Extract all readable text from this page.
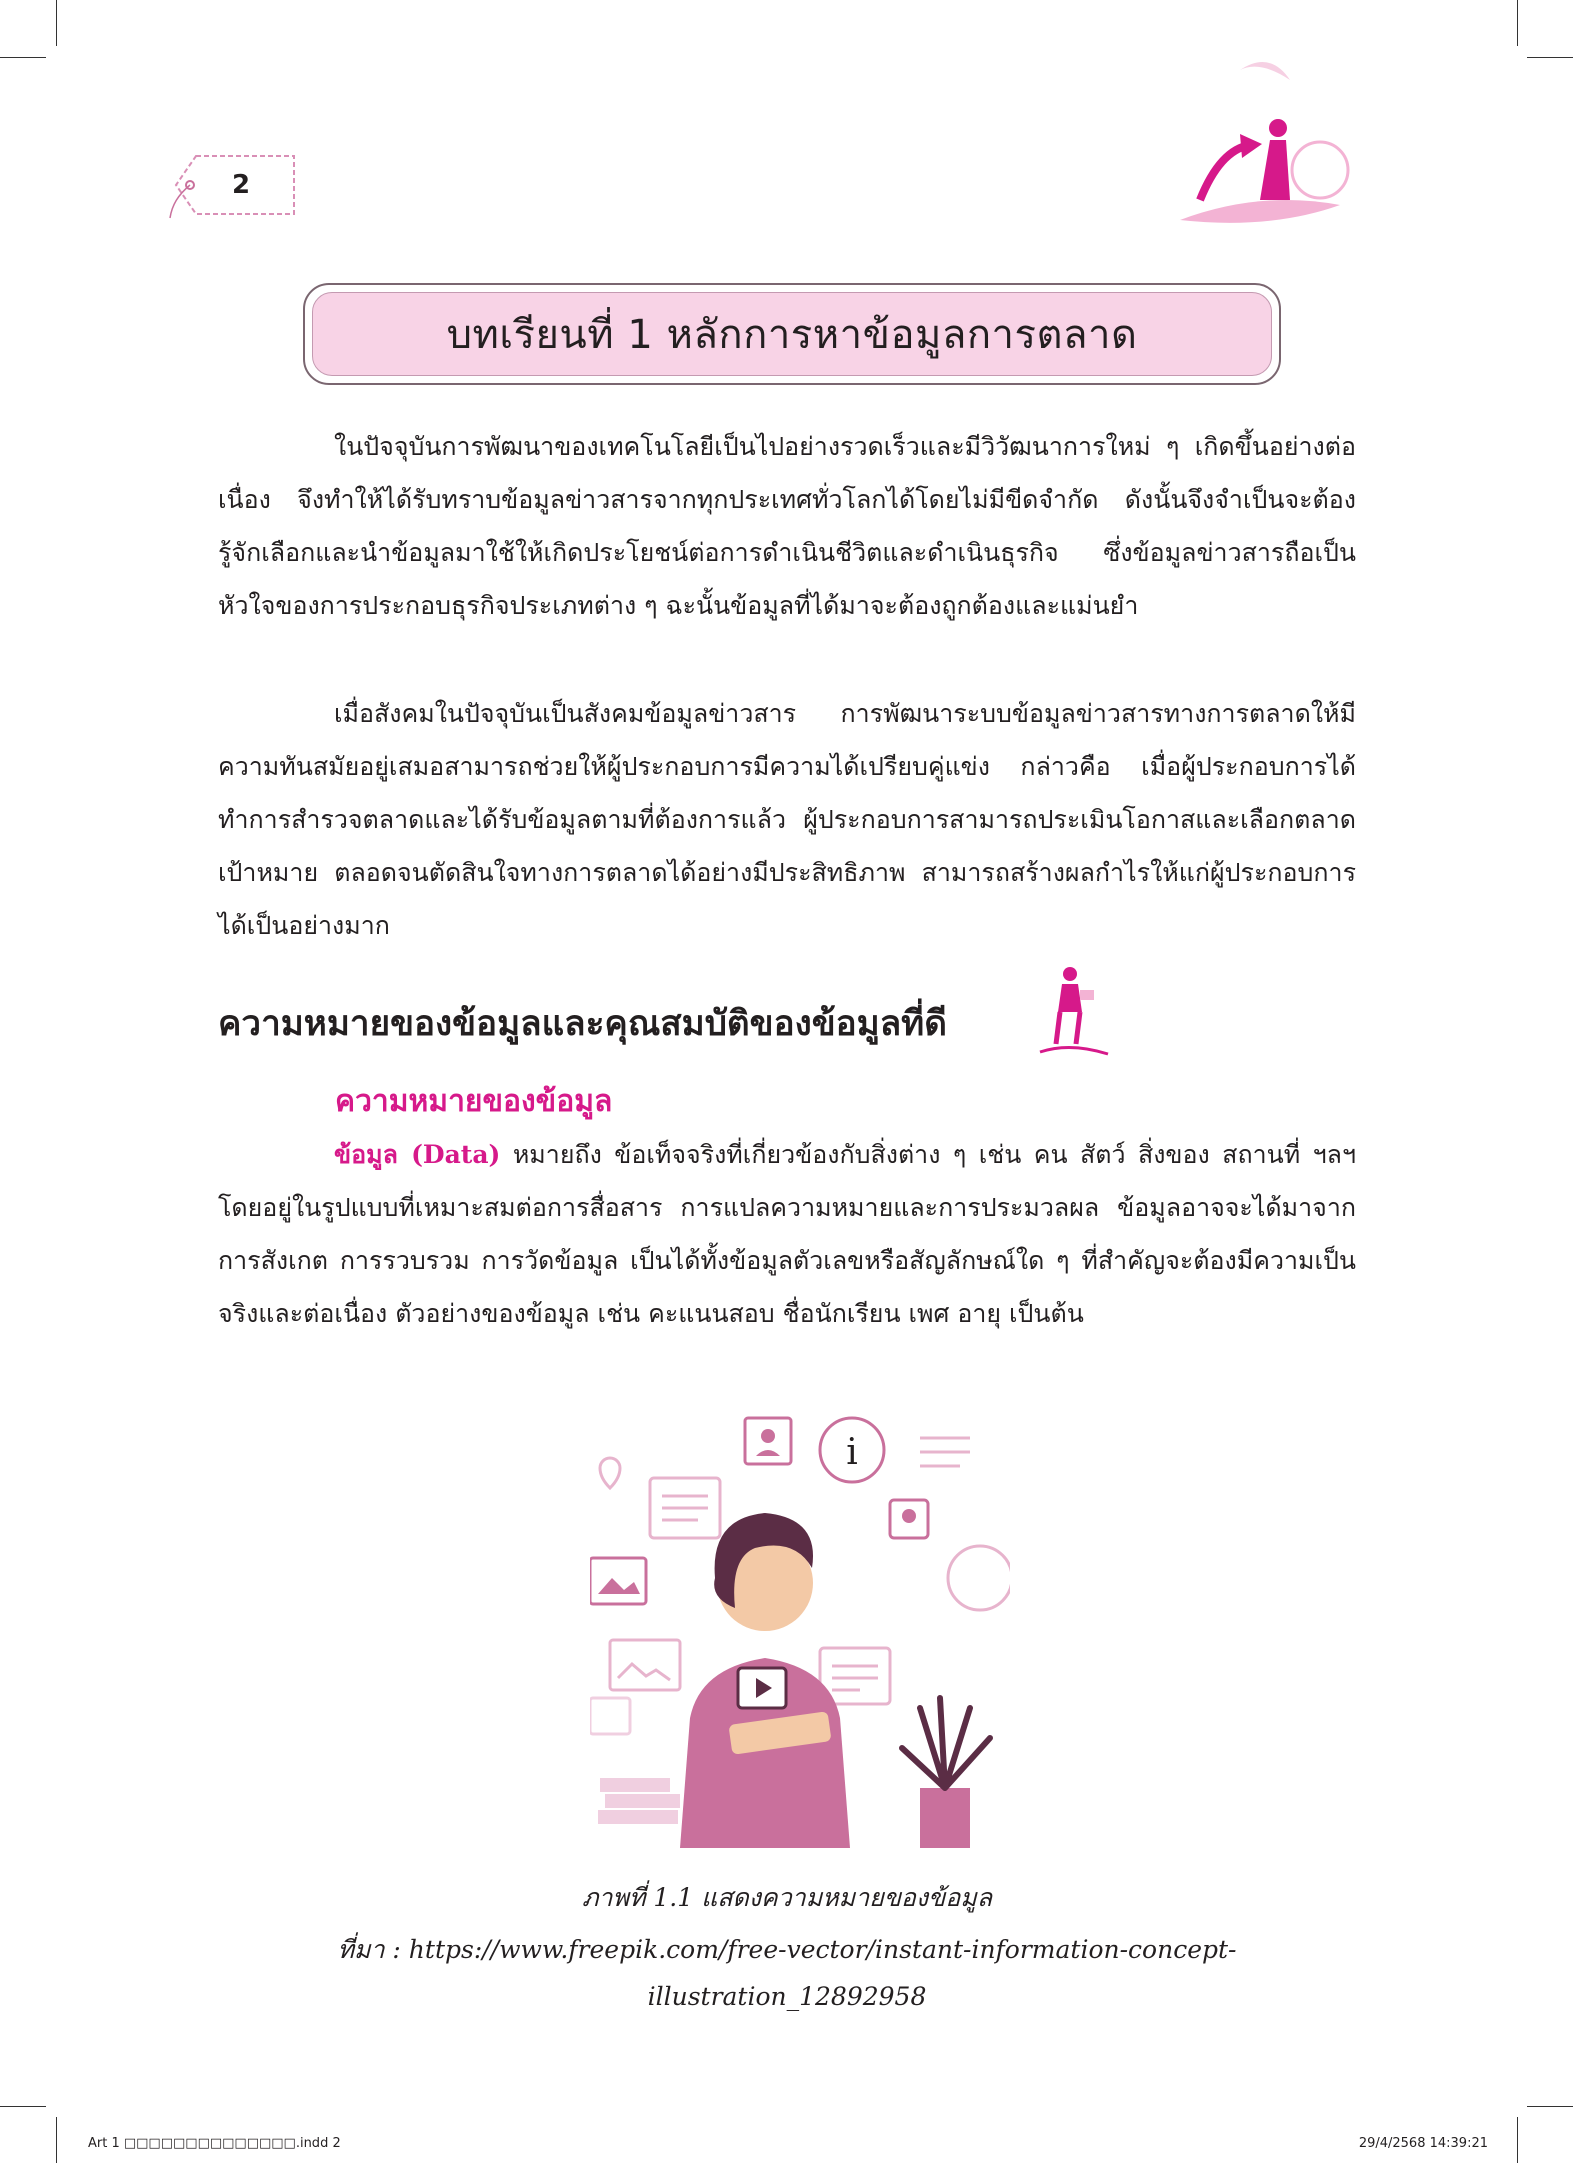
2
บทเรียนที่ 1 หลักการหาข้อมูลการตลาด

ในปัจจุบันการพัฒนาของเทคโนโลยีเป็นไปอย่างรวดเร็วและมีวิวัฒนาการใหม่ ๆ เกิดขึ้นอย่างต่อเนื่อง จึงทำให้ได้รับทราบข้อมูลข่าวสารจากทุกประเทศทั่วโลกได้โดยไม่มีขีดจำกัด ดังนั้นจึงจำเป็นจะต้องรู้จักเลือกและนำข้อมูลมาใช้ให้เกิดประโยชน์ต่อการดำเนินชีวิตและดำเนินธุรกิจ ซึ่งข้อมูลข่าวสารถือเป็นหัวใจของการประกอบธุรกิจประเภทต่าง ๆ ฉะนั้นข้อมูลที่ได้มาจะต้องถูกต้องและแม่นยำ

เมื่อสังคมในปัจจุบันเป็นสังคมข้อมูลข่าวสาร การพัฒนาระบบข้อมูลข่าวสารทางการตลาดให้มีความทันสมัยอยู่เสมอสามารถช่วยให้ผู้ประกอบการมีความได้เปรียบคู่แข่ง กล่าวคือ เมื่อผู้ประกอบการได้ทำการสำรวจตลาดและได้รับข้อมูลตามที่ต้องการแล้ว ผู้ประกอบการสามารถประเมินโอกาสและเลือกตลาดเป้าหมาย ตลอดจนตัดสินใจทางการตลาดได้อย่างมีประสิทธิภาพ สามารถสร้างผลกำไรให้แก่ผู้ประกอบการได้เป็นอย่างมาก

ความหมายของข้อมูลและคุณสมบัติของข้อมูลที่ดี
ความหมายของข้อมูล

ข้อมูล (Data) หมายถึง ข้อเท็จจริงที่เกี่ยวข้องกับสิ่งต่าง ๆ เช่น คน สัตว์ สิ่งของ สถานที่ ฯลฯ โดยอยู่ในรูปแบบที่เหมาะสมต่อการสื่อสาร การแปลความหมายและการประมวลผล ข้อมูลอาจจะได้มาจากการสังเกต การรวบรวม การวัดข้อมูล เป็นได้ทั้งข้อมูลตัวเลขหรือสัญลักษณ์ใด ๆ ที่สำคัญจะต้องมีความเป็นจริงและต่อเนื่อง ตัวอย่างของข้อมูล เช่น คะแนนสอบ ชื่อนักเรียน เพศ อายุ เป็นต้น

i
ภาพที่ 1.1 แสดงความหมายของข้อมูล
ที่มา : https://www.freepik.com/free-vector/instant-information-concept-
illustration_12892958
Art 1 □□□□□□□□□□□□□□.indd 2	29/4/2568 14:39:21
